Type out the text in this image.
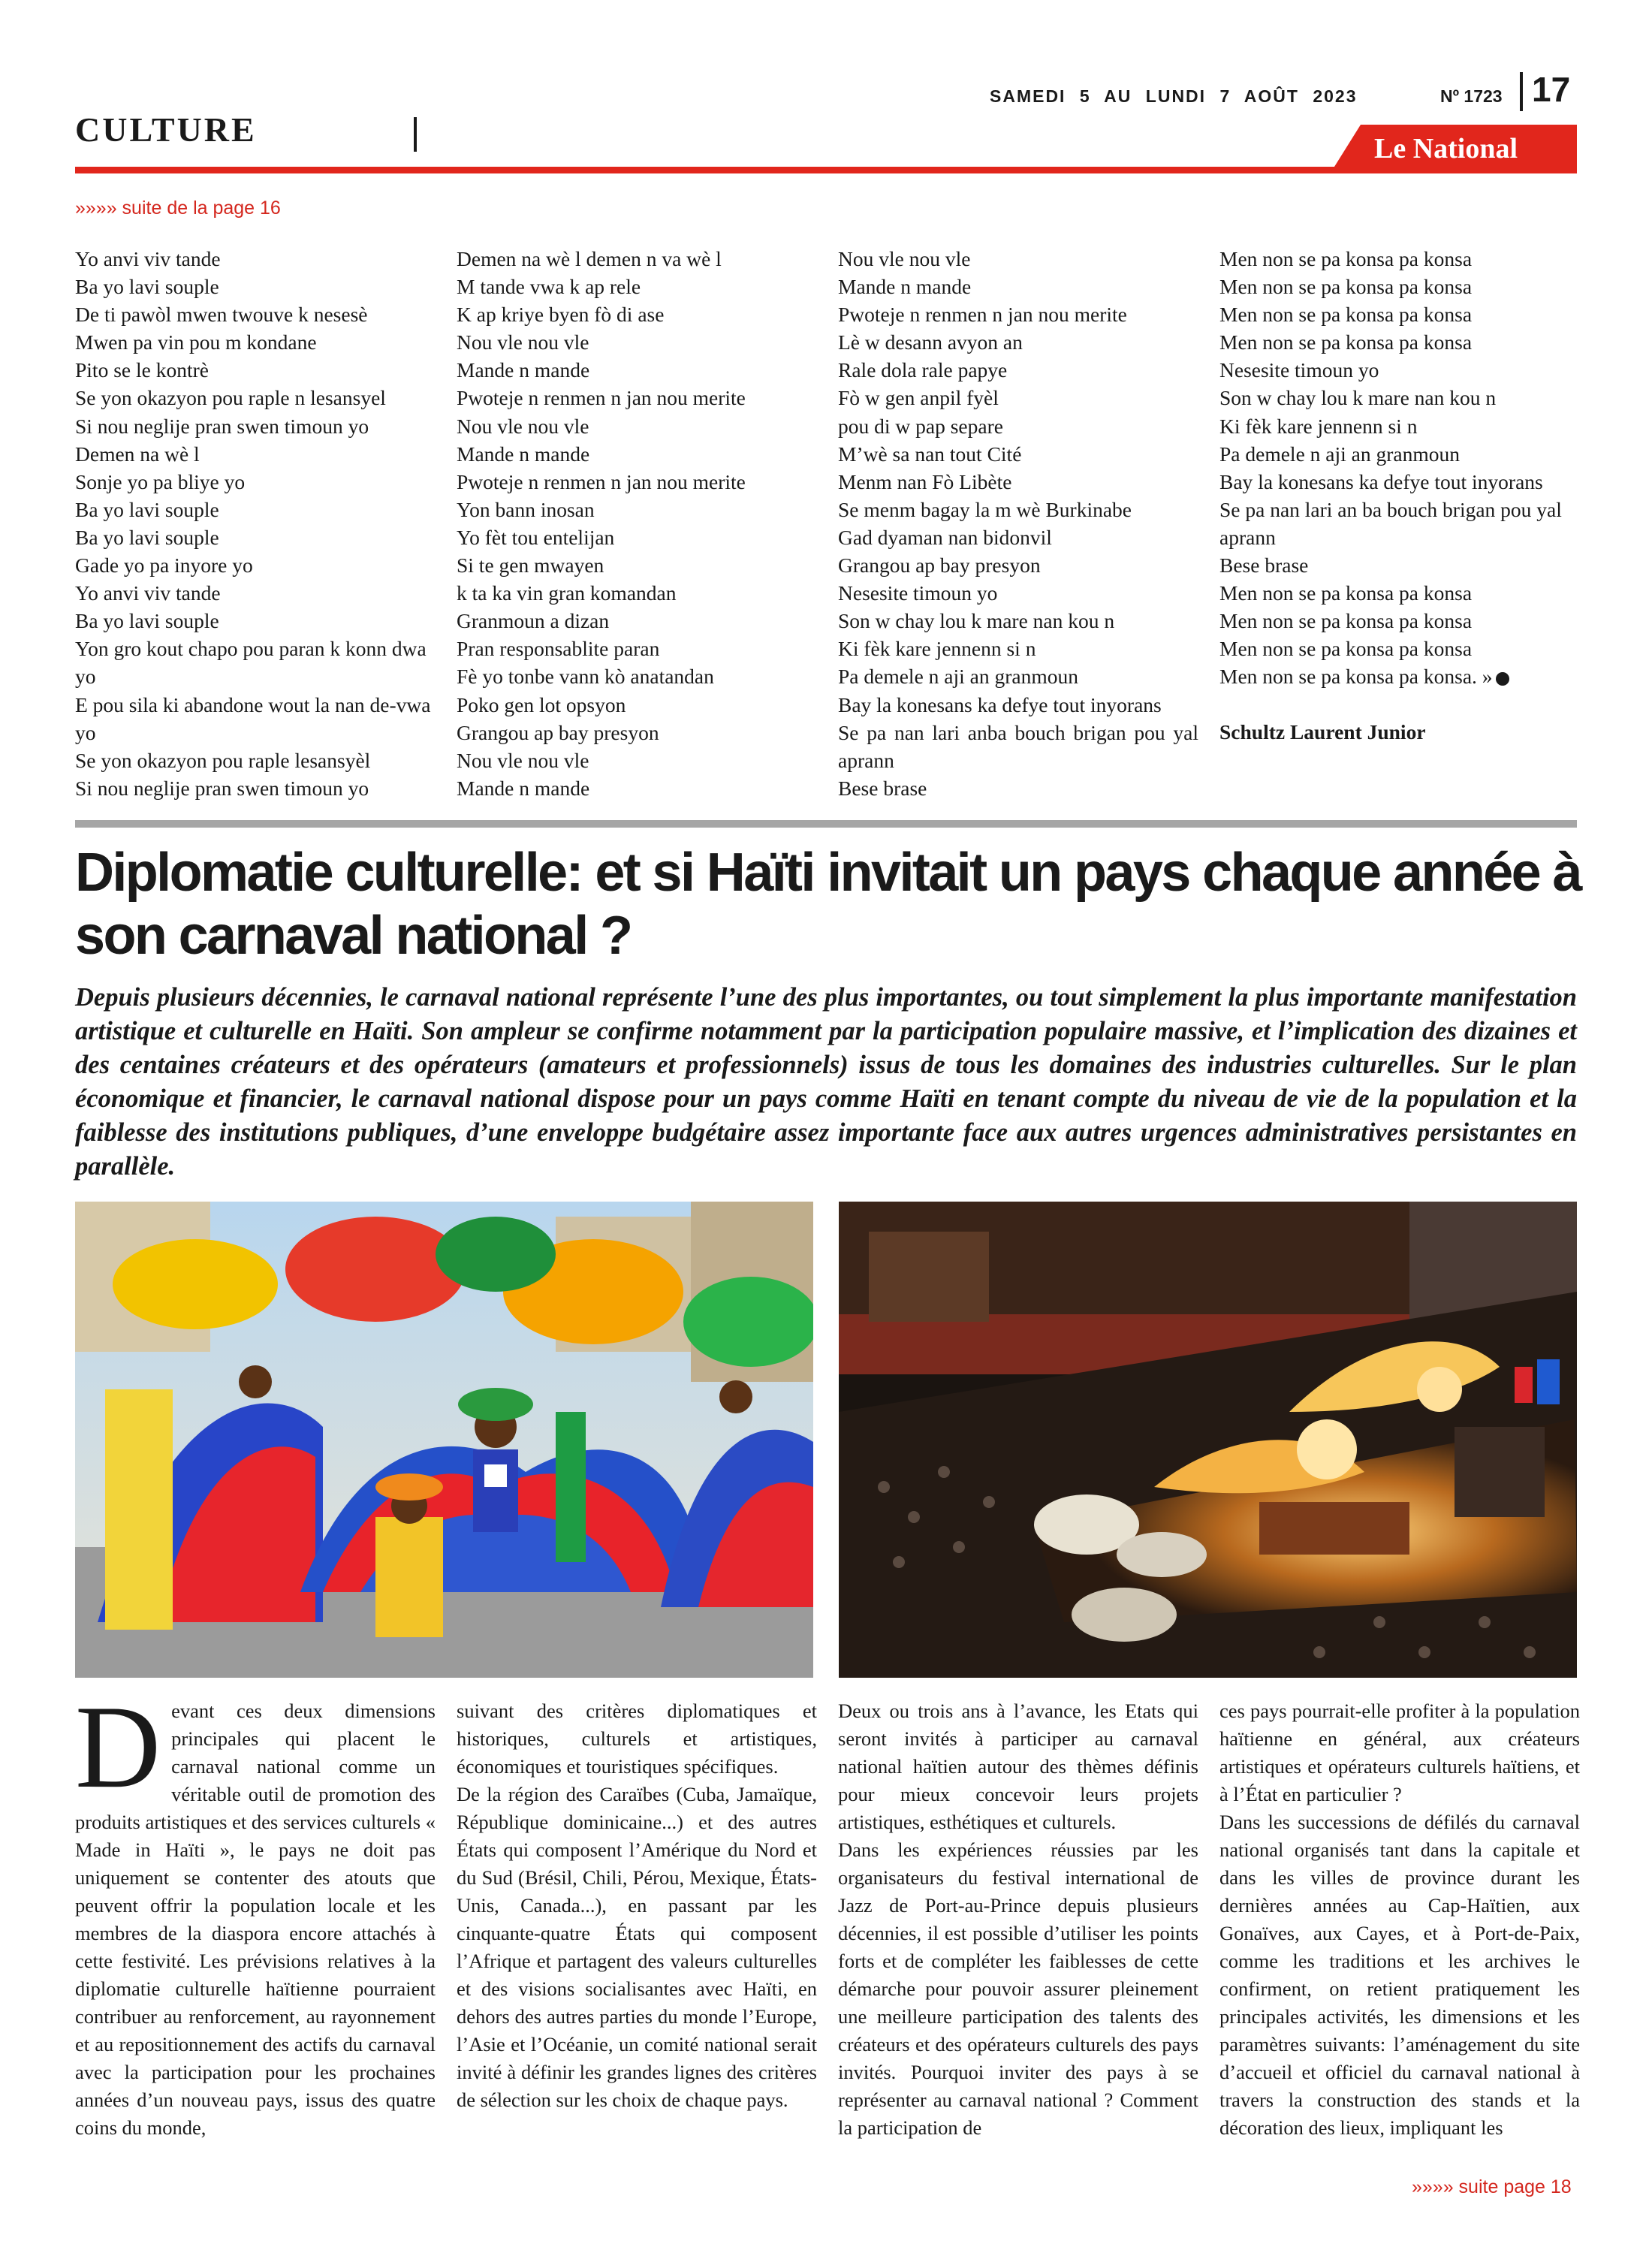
SAMEDI 5 AU LUNDI 7 AOÛT 2023	Nº 1723 17
CULTURE	Le National
»»»» suite de la page 16
Yo anvi viv tande
Ba yo lavi souple
De ti pawòl mwen twouve k nesesè
Mwen pa vin pou m kondane
Pito se le kontrè
Se yon okazyon pou raple n lesansyel
Si nou neglije pran swen timoun yo
Demen na wè l
Sonje yo pa bliye yo
Ba yo lavi souple
Ba yo lavi souple
Gade yo pa inyore yo
Yo anvi viv tande
Ba yo lavi souple
Yon gro kout chapo pou paran k konn dwa yo
E pou sila ki abandone wout la nan de-vwa yo
Se yon okazyon pou raple lesansyèl
Si nou neglije pran swen timoun yo
Demen na wè l demen n va wè l
M tande vwa k ap rele
K ap kriye byen fò di ase
Nou vle nou vle
Mande n mande
Pwoteje n renmen n jan nou merite
Nou vle nou vle
Mande n mande
Pwoteje n renmen n jan nou merite
Yon bann inosan
Yo fèt tou entelijan
Si te gen mwayen
k ta ka vin gran komandan
Granmoun a dizan
Pran responsablite paran
Fè yo tonbe vann kò anatandan
Poko gen lot opsyon
Grangou ap bay presyon
Nou vle nou vle
Mande n mande
Nou vle nou vle
Mande n mande
Pwoteje n renmen n jan nou merite
Lè w desann avyon an
Rale dola rale papye
Fò w gen anpil fyèl
pou di w pap separe
M’wè sa nan tout Cité
Menm nan Fò Libète
Se menm bagay la m wè Burkinabe
Gad dyaman nan bidonvil
Grangou ap bay presyon
Nesesite timoun yo
Son w chay lou k mare nan kou n
Ki fèk kare jennenn si n
Pa demele n aji an granmoun
Bay la konesans ka defye tout inyorans
Se pa nan lari anba bouch brigan pou yal aprann
Bese brase
Men non se pa konsa pa konsa
Men non se pa konsa pa konsa
Men non se pa konsa pa konsa
Men non se pa konsa pa konsa
Nesesite timoun yo
Son w chay lou k mare nan kou n
Ki fèk kare jennenn si n
Pa demele n aji an granmoun
Bay la konesans ka defye tout inyorans
Se pa nan lari an ba bouch brigan pou yal aprann
Bese brase
Men non se pa konsa pa konsa
Men non se pa konsa pa konsa
Men non se pa konsa pa konsa
Men non se pa konsa pa konsa. »
Schultz Laurent Junior
Diplomatie culturelle: et si Haïti invitait un pays chaque année à son carnaval national ?
Depuis plusieurs décennies, le carnaval national représente l’une des plus importantes, ou tout simplement la plus importante manifestation artistique et culturelle en Haïti. Son ampleur se confirme notamment par la participation populaire massive, et l’implication des dizaines et des centaines créateurs et des opérateurs (amateurs et professionnels) issus de tous les domaines des industries culturelles. Sur le plan économique et financier, le carnaval national dispose pour un pays comme Haïti en tenant compte du niveau de vie de la population et la faiblesse des institutions publiques, d’une enveloppe budgétaire assez importante face aux autres urgences administratives persistantes en parallèle.

Devant ces deux dimensions principales qui placent le carnaval national comme un véritable outil de promotion des produits artistiques et des services culturels « Made in Haïti », le pays ne doit pas uniquement se contenter des atouts que peuvent offrir la population locale et les membres de la diaspora encore attachés à cette festivité. Les prévisions relatives à la diplomatie culturelle haïtienne pourraient contribuer au renforcement, au rayonnement et au repositionnement des actifs du carnaval avec la participation pour les prochaines années d’un nouveau pays, issus des quatre coins du monde,

suivant des critères diplomatiques et historiques, culturels et artistiques, économiques et touristiques spécifiques.

De la région des Caraïbes (Cuba, Jamaïque, République dominicaine...) et des autres États qui composent l’Amérique du Nord et du Sud (Brésil, Chili, Pérou, Mexique, États-Unis, Canada...), en passant par les cinquante-quatre États qui composent l’Afrique et partagent des valeurs culturelles et des visions socialisantes avec Haïti, en dehors des autres parties du monde l’Europe, l’Asie et l’Océanie, un comité national serait invité à définir les grandes lignes des critères de sélection sur les choix de chaque pays.

Deux ou trois ans à l’avance, les Etats qui seront invités à participer au carnaval national haïtien autour des thèmes définis pour mieux concevoir leurs projets artistiques, esthétiques et culturels.

Dans les expériences réussies par les organisateurs du festival international de Jazz de Port-au-Prince depuis plusieurs décennies, il est possible d’utiliser les points forts et de compléter les faiblesses de cette démarche pour pouvoir assurer pleinement une meilleure participation des talents des créateurs et des opérateurs culturels des pays invités. Pourquoi inviter des pays à se représenter au carnaval national ? Comment la participation de

ces pays pourrait-elle profiter à la population haïtienne en général, aux créateurs artistiques et opérateurs culturels haïtiens, et à l’État en particulier ?

Dans les successions de défilés du carnaval national organisés tant dans la capitale et dans les villes de province durant les dernières années au Cap-Haïtien, aux Gonaïves, aux Cayes, et à Port-de-Paix, comme les traditions et les archives le confirment, on retient pratiquement les principales activités, les dimensions et les paramètres suivants: l’aménagement du site d’accueil et officiel du carnaval national à travers la construction des stands et la décoration des lieux, impliquant les

»»»» suite page 18
